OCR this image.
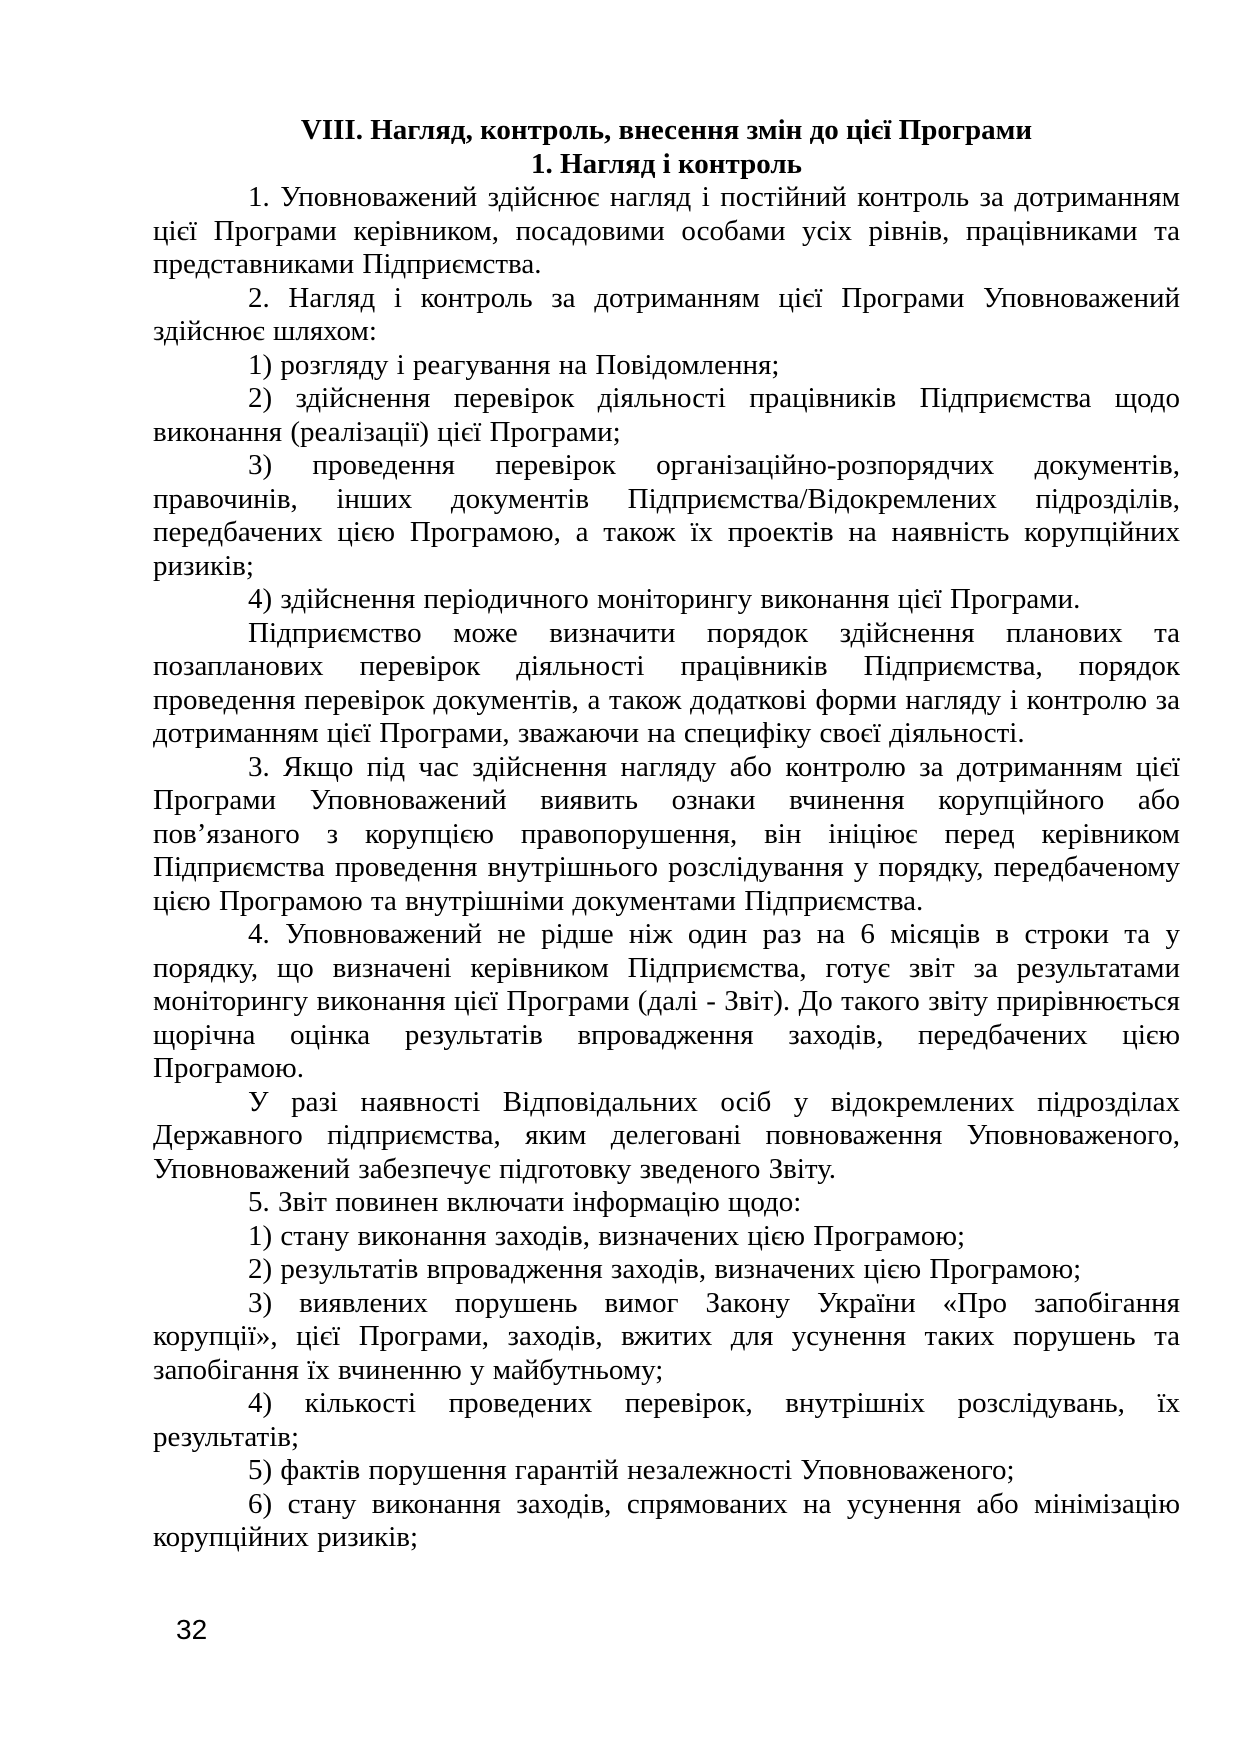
VIII. Нагляд, контроль, внесення змін до цієї Програми
1. Нагляд і контроль

1. Уповноважений здійснює нагляд і постійний контроль за дотриманням цієї Програми керівником, посадовими особами усіх рівнів, працівниками та представниками Підприємства.

2. Нагляд і контроль за дотриманням цієї Програми Уповноважений здійснює шляхом:

1) розгляду і реагування на Повідомлення;

2) здійснення перевірок діяльності працівників Підприємства щодо виконання (реалізації) цієї Програми;

3) проведення перевірок організаційно-розпорядчих документів, правочинів, інших документів Підприємства/Відокремлених підрозділів, передбачених цією Програмою, а також їх проектів на наявність корупційних ризиків;

4) здійснення періодичного моніторингу виконання цієї Програми.

Підприємство може визначити порядок здійснення планових та позапланових перевірок діяльності працівників Підприємства, порядок проведення перевірок документів, а також додаткові форми нагляду і контролю за дотриманням цієї Програми, зважаючи на специфіку своєї діяльності.

3. Якщо під час здійснення нагляду або контролю за дотриманням цієї Програми Уповноважений виявить ознаки вчинення корупційного або пов’язаного з корупцією правопорушення, він ініціює перед керівником Підприємства проведення внутрішнього розслідування у порядку, передбаченому цією Програмою та внутрішніми документами Підприємства.

4. Уповноважений не рідше ніж один раз на 6 місяців в строки та у порядку, що визначені керівником Підприємства, готує звіт за результатами моніторингу виконання цієї Програми (далі - Звіт). До такого звіту прирівнюється щорічна оцінка результатів впровадження заходів, передбачених цією Програмою.

У разі наявності Відповідальних осіб у відокремлених підрозділах Державного підприємства, яким делеговані повноваження Уповноваженого, Уповноважений забезпечує підготовку зведеного Звіту.

5. Звіт повинен включати інформацію щодо:

1) стану виконання заходів, визначених цією Програмою;

2) результатів впровадження заходів, визначених цією Програмою;

3) виявлених порушень вимог Закону України «Про запобігання корупції», цієї Програми, заходів, вжитих для усунення таких порушень та запобігання їх вчиненню у майбутньому;

4) кількості проведених перевірок, внутрішніх розслідувань, їх результатів;

5) фактів порушення гарантій незалежності Уповноваженого;

6) стану виконання заходів, спрямованих на усунення або мінімізацію корупційних ризиків;

32
